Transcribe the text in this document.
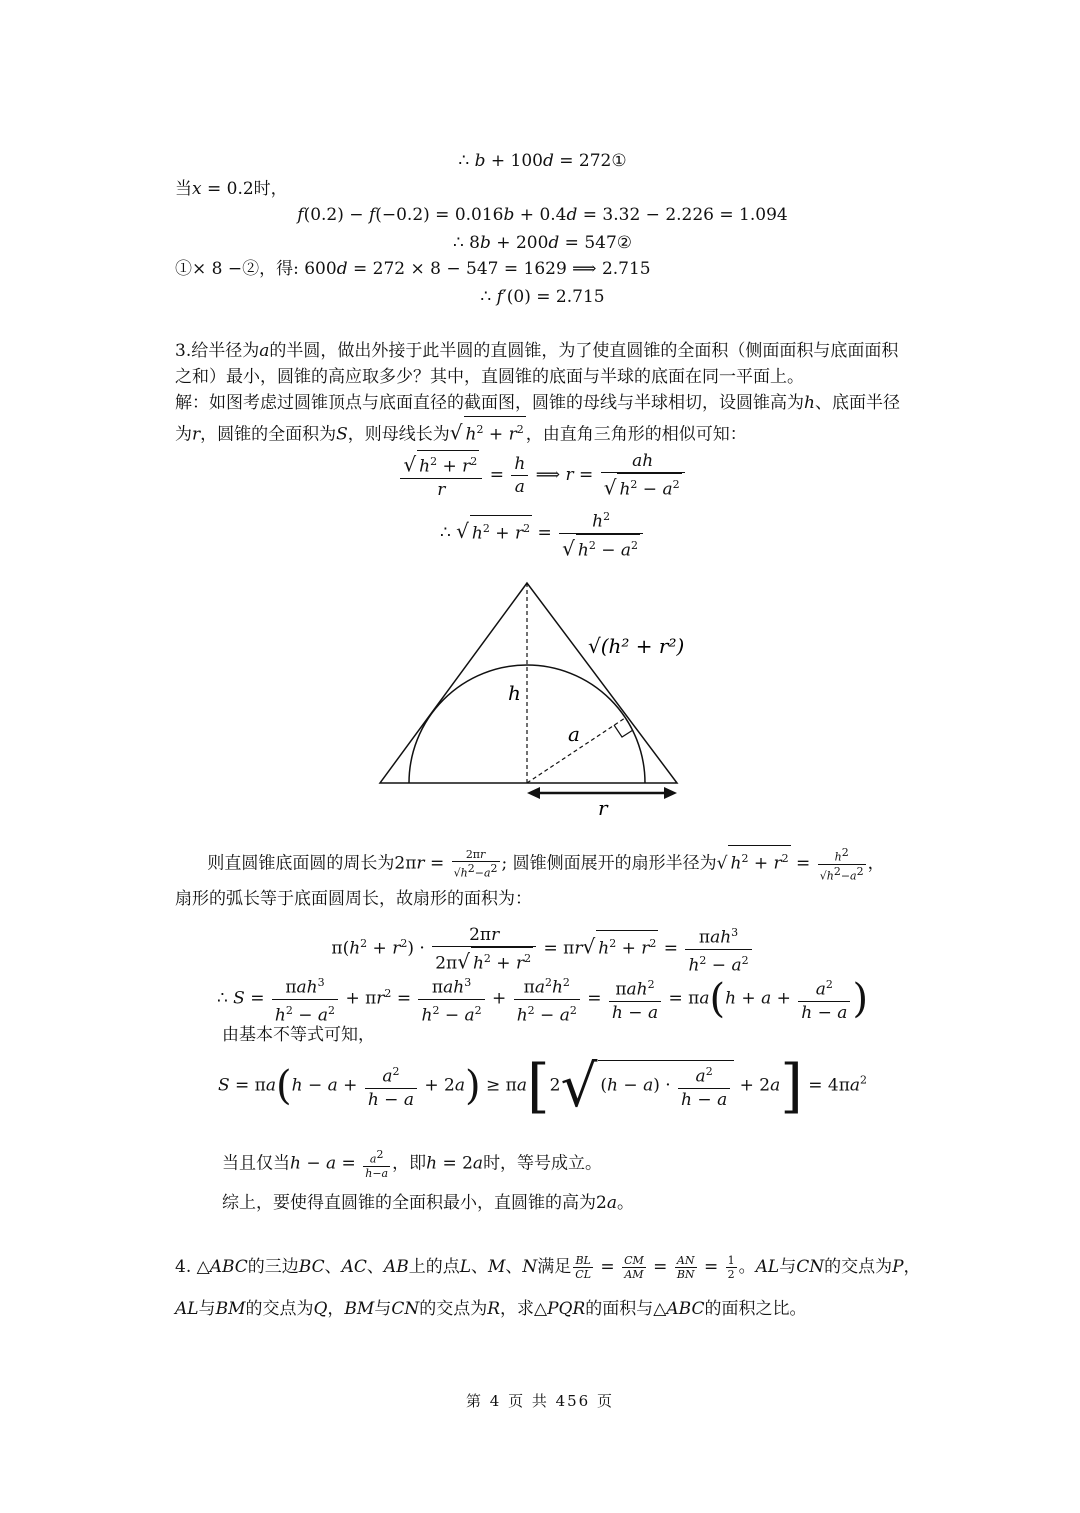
∴ b + 100d = 272①
当x = 0.2时，
f(0.2) − f(−0.2) = 0.016b + 0.4d = 3.32 − 2.226 = 1.094
∴ 8b + 200d = 547②
①× 8 −②，得: 600d = 272 × 8 − 547 = 1629 ⟹ 2.715
∴ f′(0) = 2.715
3.给半径为a的半圆，做出外接于此半圆的直圆锥，为了使直圆锥的全面积（侧面面积与底面面积之和）最小，圆锥的高应取多少？其中，直圆锥的底面与半球的底面在同一平面上。
解：如图考虑过圆锥顶点与底面直径的截面图，圆锥的母线与半球相切，设圆锥高为h、底面半径为r，圆锥的全面积为S，则母线长为√ $h^2 + r^2$ ，由直角三角形的相似可知：
$\frac{√ h^2 + r^2}{r} = \frac{h}{a}$ ⟹ $r = \frac{ah}{√ h^2 - a^2}$
∴ √ $h^2 + r^2 = \frac{h^2}{√ h^2 - a^2}$
√(h² + r²)
h
a
r
则直圆锥底面圆的周长为$2\pi r = \frac{2\pi r}{√h^2-a^2}$ ; 圆锥侧面展开的扇形半径为√ $h^2 + r^2 = \frac{h^2}{√h^2-a^2}$ ，
扇形的弧长等于底面圆周长，故扇形的面积为：
$\pi(h^2 + r^2) \cdot \frac{2\pi r}{2\pi√ h^2 + r^2} = \pi r√$ $h^2 + r^2 = \frac{\pi ah^3}{h^2 - a^2}$
∴ $S = \frac{\pi ah^3}{h^2 - a^2} + \pi r^2 = \frac{\pi ah^3}{h^2 - a^2} + \frac{\pi a^2h^2}{h^2 - a^2} = \frac{\pi ah^2}{h - a} = \pi a(h + a + \frac{a^2}{h - a}$ )
由基本不等式可知，
$S = \pi a(h - a + \frac{a^2}{h - a} + 2a) \ge \pi a[2√$ $(h - a) \cdot \frac{a^2}{h - a} + 2a] = 4\pi a^2$
当且仅当$h - a = \frac{a^2}{h-a}$ ，即h = 2a时，等号成立。
综上，要使得直圆锥的全面积最小，直圆锥的高为2a。
4. △ABC的三边BC、AC、AB上的点L、M、N满足 $\frac{BL}{CL} = \frac{CM}{AM} = \frac{AN}{BN} = \frac{1}{2}$ 。AL与CN的交点为P，
AL与BM的交点为Q，BM与CN的交点为R，求△PQR的面积与△ABC的面积之比。
第 4 页 共 456 页
